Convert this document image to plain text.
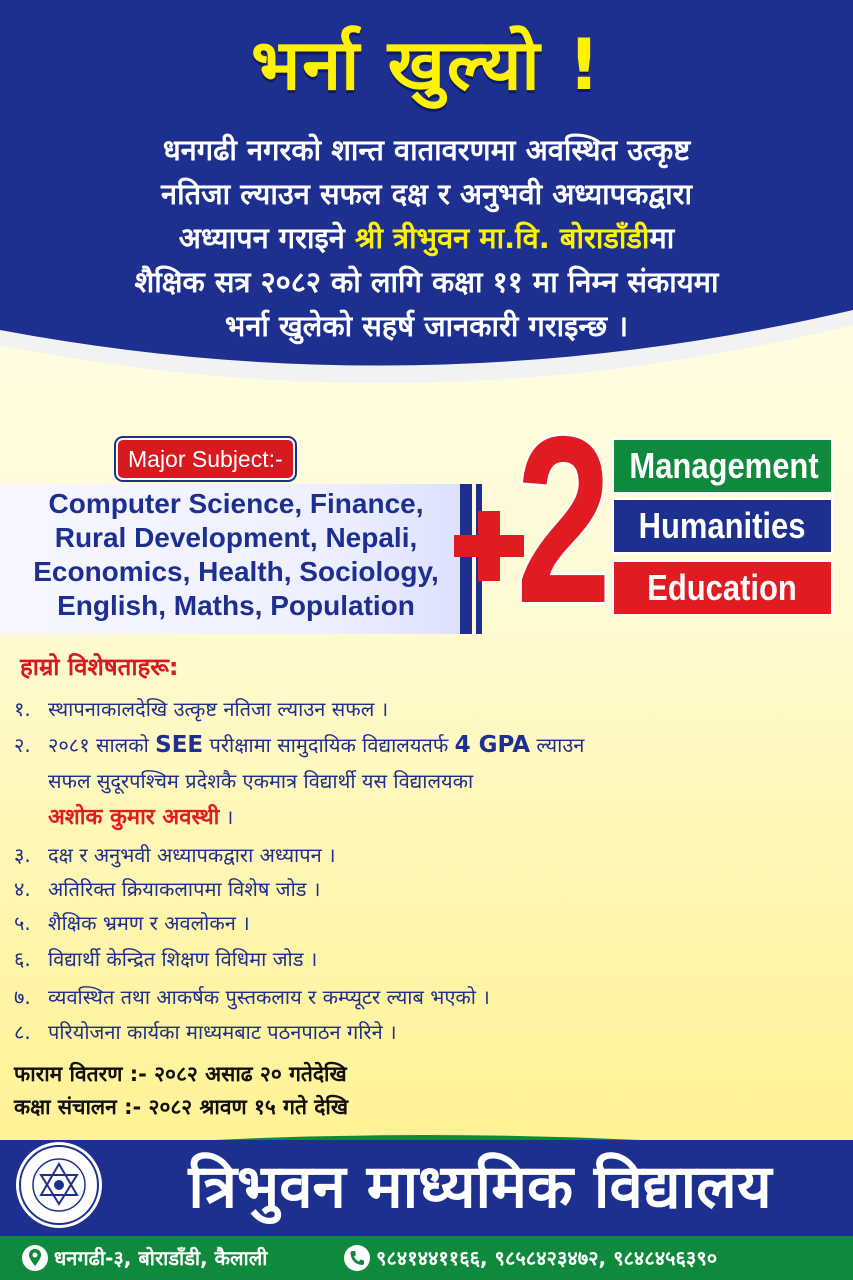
भर्ना खुल्यो !
धनगढी नगरको शान्त वातावरणमा अवस्थित उत्कृष्ट
नतिजा ल्याउन सफल दक्ष र अनुभवी अध्यापकद्वारा
अध्यापन गराइने श्री त्रीभुवन मा.वि. बोराडाँडीमा
शैक्षिक सत्र २०८२ को लागि कक्षा ११ मा निम्न संकायमा
भर्ना खुलेको सहर्ष जानकारी गराइन्छ ।
Major Subject:-
Computer Science, Finance,
Rural Development, Nepali,
Economics, Health, Sociology,
English, Maths, Population 2 Management
Humanities
Education
हाम्रो विशेषताहरू:
१. स्थापनाकालदेखि उत्कृष्ट नतिजा ल्याउन सफल ।
२. २०८१ सालको SEE परीक्षामा सामुदायिक विद्यालयतर्फ 4 GPA ल्याउन
सफल सुदूरपश्चिम प्रदेशकै एकमात्र विद्यार्थी यस विद्यालयका
अशोक कुमार अवस्थी ।
३. दक्ष र अनुभवी अध्यापकद्वारा अध्यापन ।
४. अतिरिक्त क्रियाकलापमा विशेष जोड ।
५. शैक्षिक भ्रमण र अवलोकन ।
६. विद्यार्थी केन्द्रित शिक्षण विधिमा जोड ।
७. व्यवस्थित तथा आकर्षक पुस्तकलाय र कम्प्यूटर ल्याब भएको ।
८. परियोजना कार्यका माध्यमबाट पठनपाठन गरिने ।
फाराम वितरण :- २०८२ असाढ २० गतेदेखि
कक्षा संचालन :- २०८२ श्रावण १५ गते देखि
त्रिभुवन माध्यमिक विद्यालय
धनगढी-३, बोराडाँडी, कैलाली	९८४१४४११६६, ९८५८४२३४७२, ९८४८४५६३९०
